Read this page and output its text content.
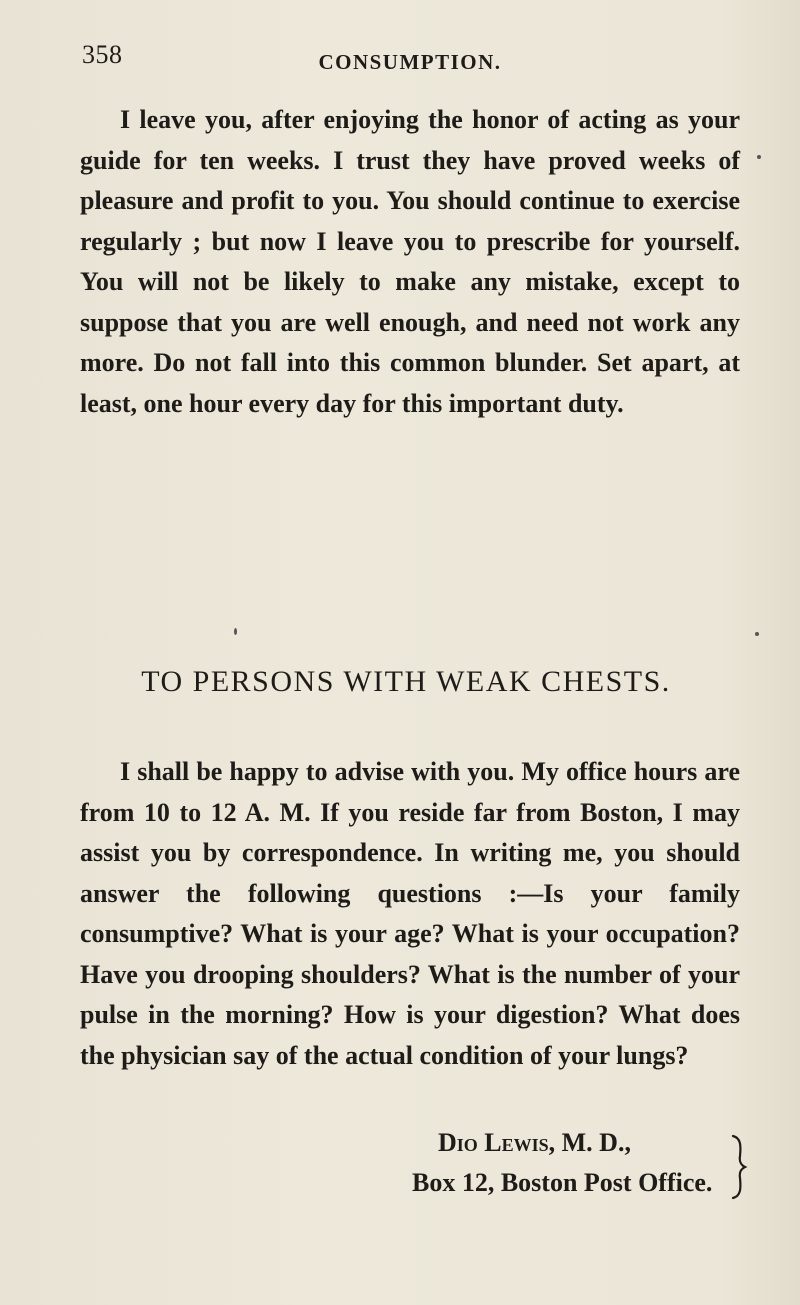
358	CONSUMPTION.

I leave you, after enjoying the honor of acting as your guide for ten weeks. I trust they have proved weeks of pleasure and profit to you. You should continue to exercise regularly ; but now I leave you to prescribe for yourself. You will not be likely to make any mistake, except to suppose that you are well enough, and need not work any more. Do not fall into this common blunder. Set apart, at least, one hour every day for this important duty.

TO PERSONS WITH WEAK CHESTS.

I shall be happy to advise with you. My office hours are from 10 to 12 A. M. If you reside far from Boston, I may assist you by correspondence. In writing me, you should answer the following questions :—Is your family consumptive? What is your age? What is your occupation? Have you drooping shoulders? What is the number of your pulse in the morning? How is your digestion? What does the physician say of the actual condition of your lungs?

Dio Lewis, M. D.,
Box 12, Boston Post Office.
